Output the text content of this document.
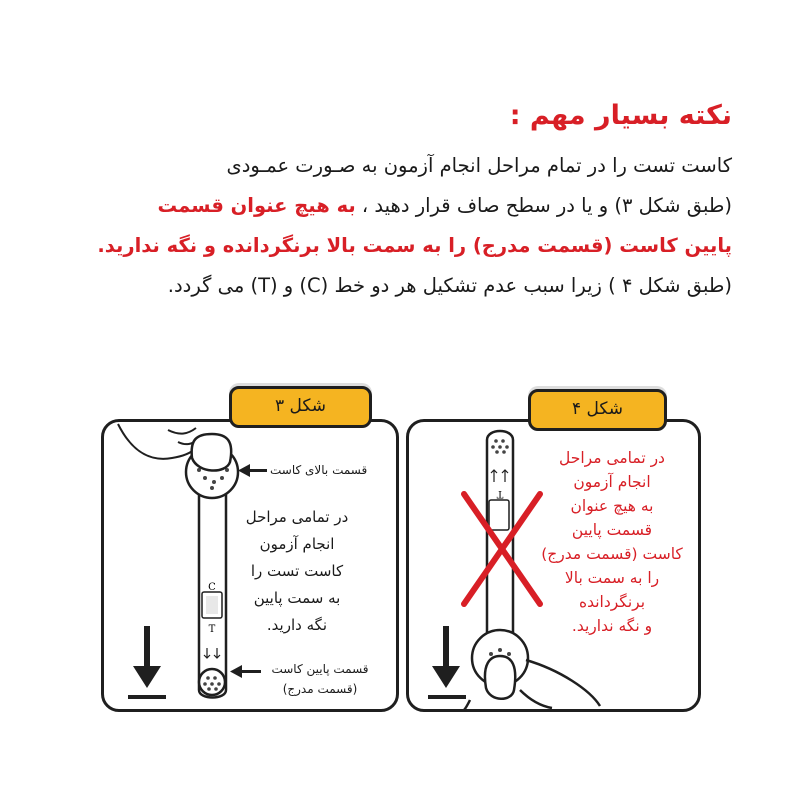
نکته بسیار مهم :
کاست تست را در تمام مراحل انجام آزمون به صـورت عمـودی
(طبق شکل ۳) و یا در سطح صاف قرار دهید ، به هیچ عنوان قسمت
پایین کاست (قسمت مدرج) را به سمت بالا برنگردانده و نگه ندارید.
(طبق شکل ۴ ) زیرا سبب عدم تشکیل هر دو خط (C) و (T) می گردد.
C
T
T
شکل ۳	شکل ۴
قسمت بالای کاست
قسمت پایین کاست
(قسمت مدرج)
در تمامی مراحل
انجام آزمون
کاست تست را
به سمت پایین
نگه دارید.
در تمامی مراحل
انجام آزمون
به هیچ عنوان
قسمت پایین
کاست (قسمت مدرج)
را به سمت بالا
برنگردانده
و نگه ندارید.
